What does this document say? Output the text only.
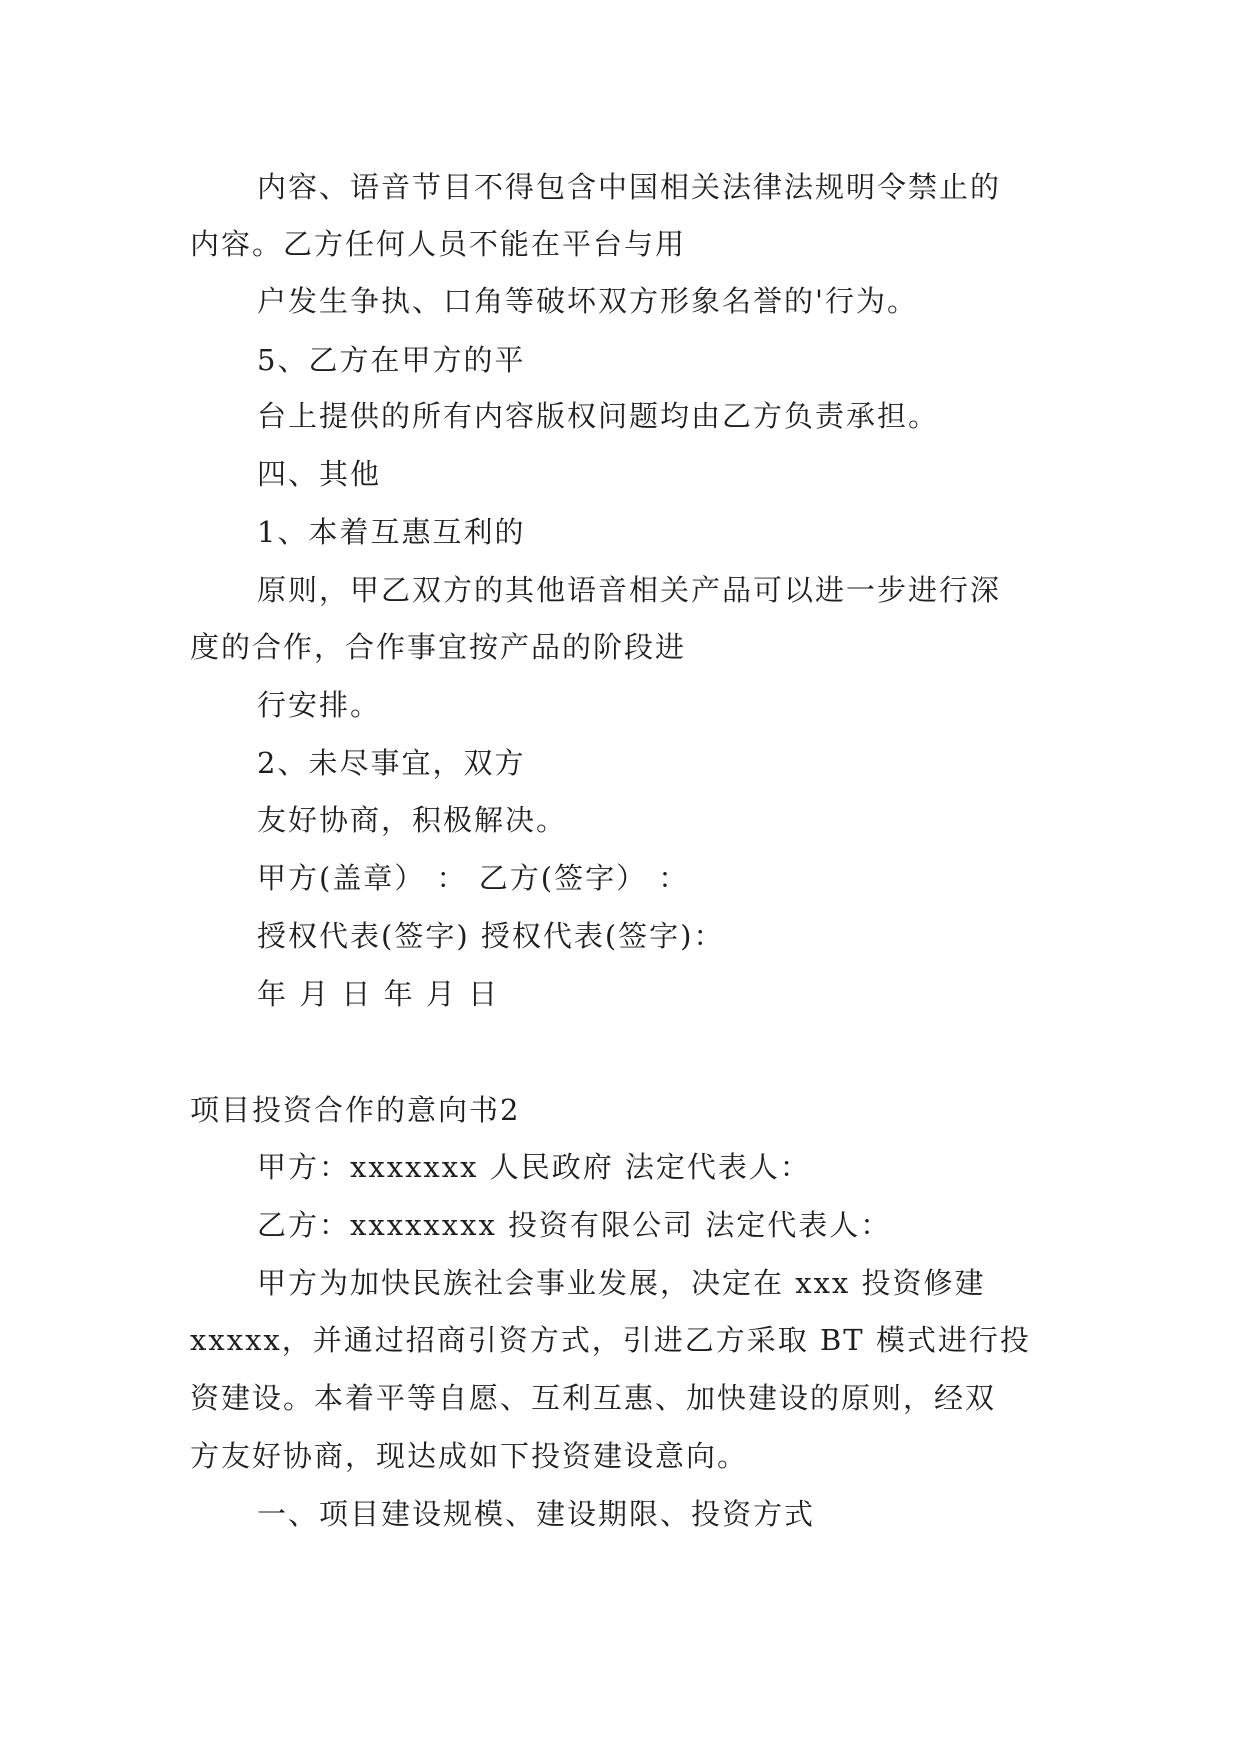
内容、语音节目不得包含中国相关法律法规明令禁止的
内容。乙方任何人员不能在平台与用
户发生争执、口角等破坏双方形象名誉的'行为。
5、乙方在甲方的平
台上提供的所有内容版权问题均由乙方负责承担。
四、其他
1、本着互惠互利的
原则，甲乙双方的其他语音相关产品可以进一步进行深
度的合作，合作事宜按产品的阶段进
行安排。
2、未尽事宜，双方
友好协商，积极解决。
甲方(盖章） ： 乙方(签字） ：
授权代表(签字) 授权代表(签字)：
年 月 日 年 月 日
项目投资合作的意向书2
甲方：xxxxxxx 人民政府 法定代表人：
乙方：xxxxxxxx 投资有限公司 法定代表人：
甲方为加快民族社会事业发展，决定在 xxx 投资修建
xxxxx，并通过招商引资方式，引进乙方采取 BT 模式进行投
资建设。本着平等自愿、互利互惠、加快建设的原则，经双
方友好协商，现达成如下投资建设意向。
一、项目建设规模、建设期限、投资方式
